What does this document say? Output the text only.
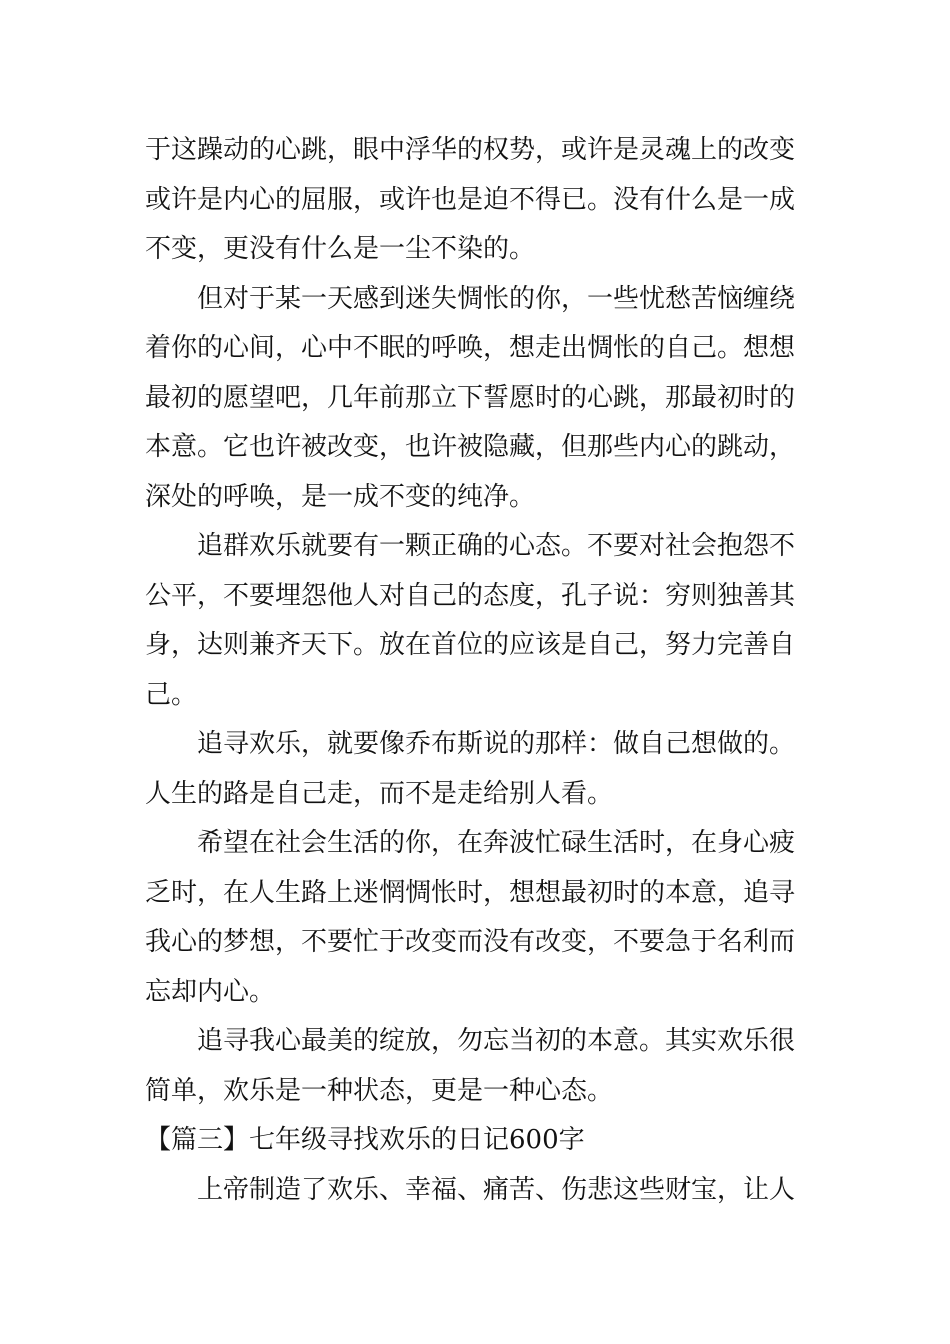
于这躁动的心跳，眼中浮华的权势，或许是灵魂上的改变
或许是内心的屈服，或许也是迫不得已。没有什么是一成
不变，更没有什么是一尘不染的。

但对于某一天感到迷失惆怅的你，一些忧愁苦恼缠绕
着你的心间，心中不眠的呼唤，想走出惆怅的自己。想想
最初的愿望吧，几年前那立下誓愿时的心跳，那最初时的
本意。它也许被改变，也许被隐藏，但那些内心的跳动，
深处的呼唤，是一成不变的纯净。

追群欢乐就要有一颗正确的心态。不要对社会抱怨不
公平，不要埋怨他人对自己的态度，孔子说：穷则独善其
身，达则兼齐天下。放在首位的应该是自己，努力完善自
己。

追寻欢乐，就要像乔布斯说的那样：做自己想做的。
人生的路是自己走，而不是走给别人看。

希望在社会生活的你，在奔波忙碌生活时，在身心疲
乏时，在人生路上迷惘惆怅时，想想最初时的本意，追寻
我心的梦想，不要忙于改变而没有改变，不要急于名利而
忘却内心。

追寻我心最美的绽放，勿忘当初的本意。其实欢乐很
简单，欢乐是一种状态，更是一种心态。

【篇三】七年级寻找欢乐的日记600字

上帝制造了欢乐、幸福、痛苦、伤悲这些财宝，让人
